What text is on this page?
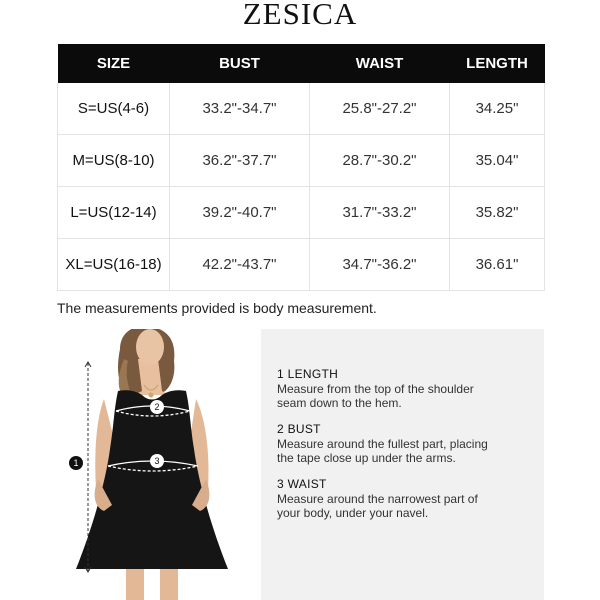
ZESICA
SIZE	BUST	WAIST	LENGTH
S=US(4-6)	33.2"-34.7"	25.8"-27.2"	34.25"
M=US(8-10)	36.2"-37.7"	28.7"-30.2"	35.04"
L=US(12-14)	39.2"-40.7"	31.7"-33.2"	35.82"
XL=US(16-18)	42.2"-43.7"	34.7"-36.2"	36.61"
The measurements provided is body measurement.
1
2
3
1 LENGTH
Measure from the top of the shoulder
seam down to the hem.
2 BUST
Measure around the fullest part, placing
the tape close up under the arms.
3 WAIST
Measure around the narrowest part of
your body, under your navel.
